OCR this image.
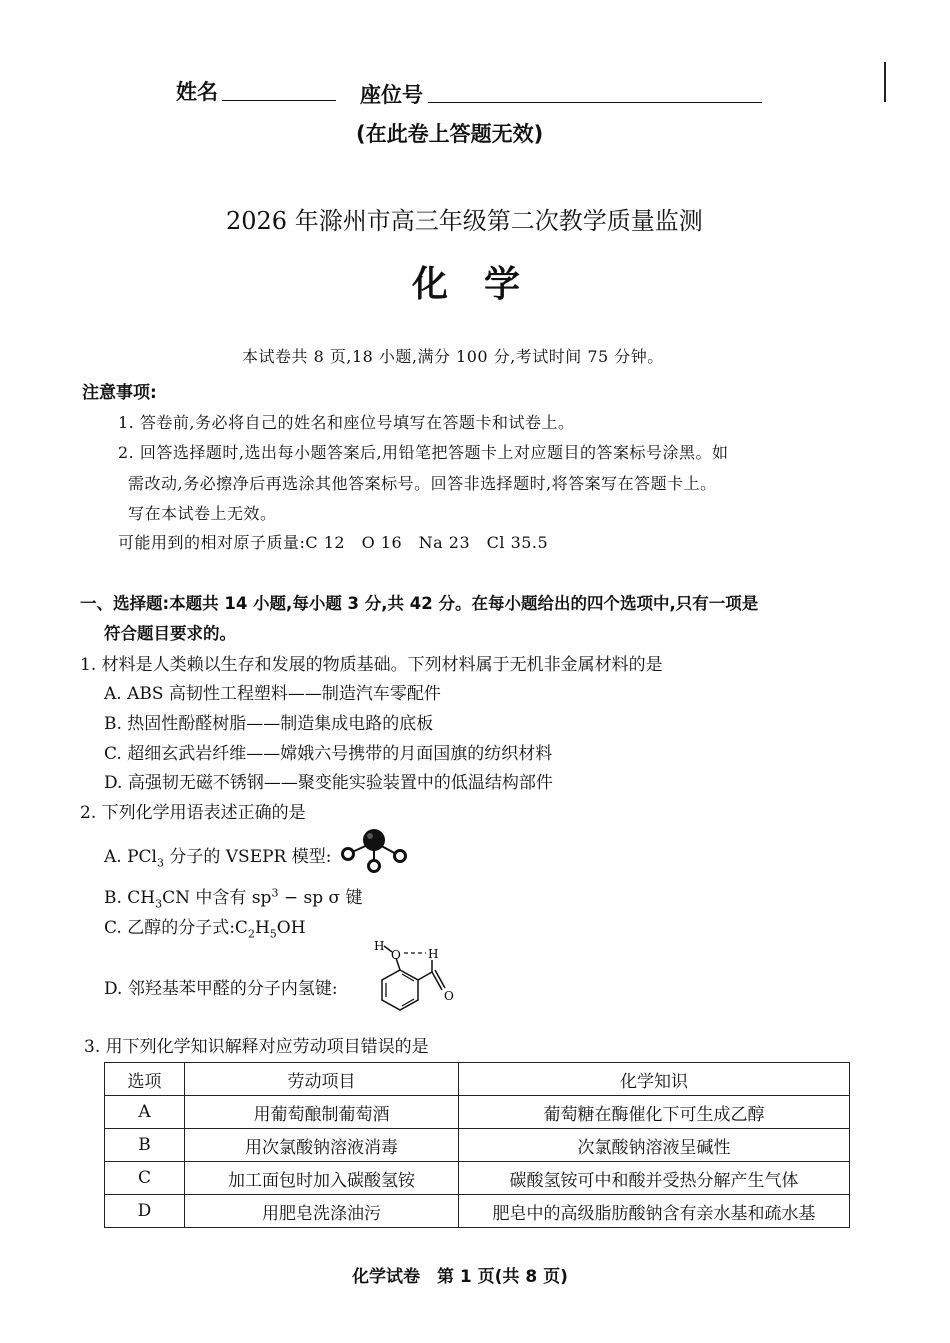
姓名	座位号
(在此卷上答题无效)
2026 年滁州市高三年级第二次教学质量监测
化　学
本试卷共 8 页,18 小题,满分 100 分,考试时间 75 分钟。
注意事项:
1. 答卷前,务必将自己的姓名和座位号填写在答题卡和试卷上。
2. 回答选择题时,选出每小题答案后,用铅笔把答题卡上对应题目的答案标号涂黑。如
需改动,务必擦净后再选涂其他答案标号。回答非选择题时,将答案写在答题卡上。
写在本试卷上无效。
可能用到的相对原子质量:C 12　O 16　Na 23　Cl 35.5
一、选择题:本题共 14 小题,每小题 3 分,共 42 分。在每小题给出的四个选项中,只有一项是
符合题目要求的。
1. 材料是人类赖以生存和发展的物质基础。下列材料属于无机非金属材料的是
A. ABS 高韧性工程塑料——制造汽车零配件
B. 热固性酚醛树脂——制造集成电路的底板
C. 超细玄武岩纤维——嫦娥六号携带的月面国旗的纺织材料
D. 高强韧无磁不锈钢——聚变能实验装置中的低温结构部件
2. 下列化学用语表述正确的是
A. PCl$_3$ 分子的 VSEPR 模型:
B. $CH_3CN$ 中含有 $sp^3$ − sp σ 键
C. 乙醇的分子式$:C_2H_5OH$
D. 邻羟基苯甲醛的分子内氢键:
H
O H
O
3. 用下列化学知识解释对应劳动项目错误的是
选项	劳动项目	化学知识
A	用葡萄酿制葡萄酒	葡萄糖在酶催化下可生成乙醇
B	用次氯酸钠溶液消毒	次氯酸钠溶液呈碱性
C	加工面包时加入碳酸氢铵	碳酸氢铵可中和酸并受热分解产生气体
D	用肥皂洗涤油污	肥皂中的高级脂肪酸钠含有亲水基和疏水基
化学试卷　第 1 页(共 8 页)
